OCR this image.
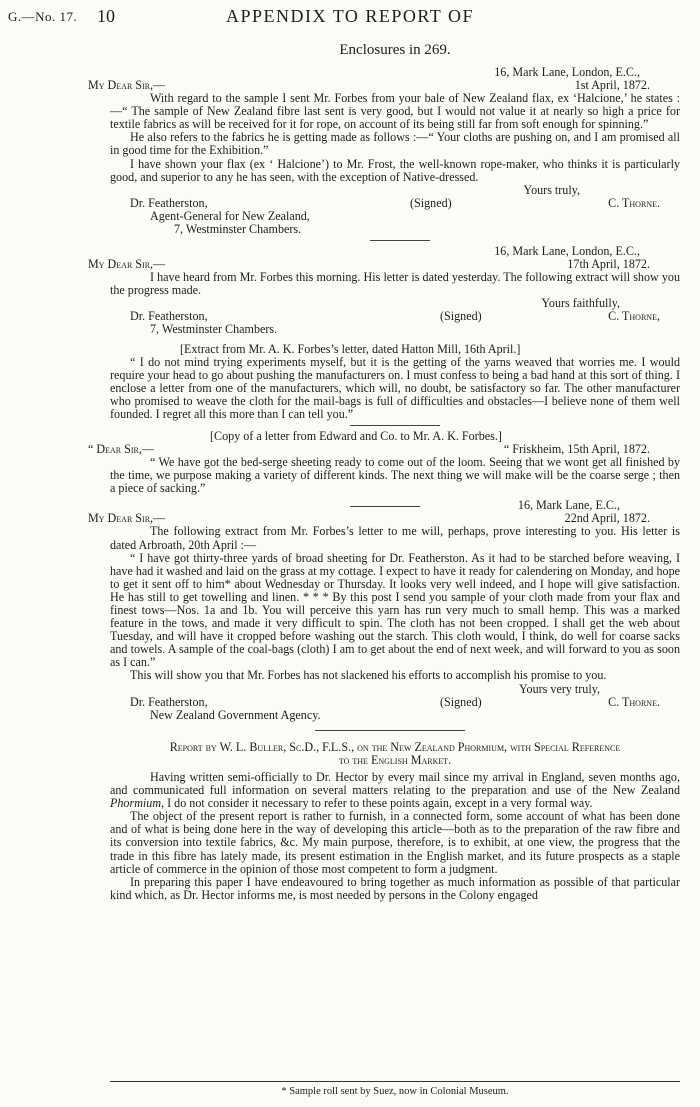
G.—No. 17. 10	APPENDIX TO REPORT OF
Enclosures in 269.

16, Mark Lane, London, E.C.,

My Dear Sir,—	1st April, 1872.

With regard to the sample I sent Mr. Forbes from your bale of New Zealand flax, ex ‘Halcione,’ he states :—“ The sample of New Zealand fibre last sent is very good, but I would not value it at nearly so high a price for textile fabrics as will be received for it for rope, on account of its being still far from soft enough for spinning.”

He also refers to the fabrics he is getting made as follows :—“ Your cloths are pushing on, and I am promised all in good time for the Exhibition.”

I have shown your flax (ex ‘ Halcione’) to Mr. Frost, the well-known rope-maker, who thinks it is particularly good, and superior to any he has seen, with the exception of Native-dressed.

Yours truly,

Dr. Featherston,	(Signed)	C. Thorne.

Agent-General for New Zealand,

7, Westminster Chambers.

16, Mark Lane, London, E.C.,

My Dear Sir,—	17th April, 1872.

I have heard from Mr. Forbes this morning. His letter is dated yesterday. The following extract will show you the progress made.

Yours faithfully,

Dr. Featherston,	(Signed)	C. Thorne,

7, Westminster Chambers.

[Extract from Mr. A. K. Forbes’s letter, dated Hatton Mill, 16th April.]

“ I do not mind trying experiments myself, but it is the getting of the yarns weaved that worries me. I would require your head to go about pushing the manufacturers on. I must confess to being a bad hand at this sort of thing. I enclose a letter from one of the manufacturers, which will, no doubt, be satisfactory so far. The other manufacturer who promised to weave the cloth for the mail-bags is full of difficulties and obstacles—I believe none of them well founded. I regret all this more than I can tell you.”

[Copy of a letter from Edward and Co. to Mr. A. K. Forbes.]

“ Dear Sir,—	“ Friskheim, 15th April, 1872.

“ We have got the bed-serge sheeting ready to come out of the loom. Seeing that we wont get all finished by the time, we purpose making a variety of different kinds. The next thing we will make will be the coarse serge ; then a piece of sacking.”

16, Mark Lane, E.C.,
My Dear Sir,—	22nd April, 1872.

The following extract from Mr. Forbes’s letter to me will, perhaps, prove interesting to you. His letter is dated Arbroath, 20th April :—

“ I have got thirty-three yards of broad sheeting for Dr. Featherston. As it had to be starched before weaving, I have had it washed and laid on the grass at my cottage. I expect to have it ready for calendering on Monday, and hope to get it sent off to him* about Wednesday or Thursday. It looks very well indeed, and I hope will give satisfaction. He has still to get towelling and linen. * * * By this post I send you sample of your cloth made from your flax and finest tows—Nos. 1a and 1b. You will perceive this yarn has run very much to small hemp. This was a marked feature in the tows, and made it very difficult to spin. The cloth has not been cropped. I shall get the web about Tuesday, and will have it cropped before washing out the starch. This cloth would, I think, do well for coarse sacks and towels. A sample of the coal-bags (cloth) I am to get about the end of next week, and will forward to you as soon as I can.”

This will show you that Mr. Forbes has not slackened his efforts to accomplish his promise to you.

Yours very truly,

Dr. Featherston,	(Signed)	C. Thorne.

New Zealand Government Agency.

Report by W. L. Buller, Sc.D., F.L.S., on the New Zealand Phormium, with Special Reference

to the English Market.

Having written semi-officially to Dr. Hector by every mail since my arrival in England, seven months ago, and communicated full information on several matters relating to the preparation and use of the New Zealand Phormium, I do not consider it necessary to refer to these points again, except in a very formal way.

The object of the present report is rather to furnish, in a connected form, some account of what has been done and of what is being done here in the way of developing this article—both as to the preparation of the raw fibre and its conversion into textile fabrics, &c. My main purpose, therefore, is to exhibit, at one view, the progress that the trade in this fibre has lately made, its present estimation in the English market, and its future prospects as a staple article of commerce in the opinion of those most competent to form a judgment.

In preparing this paper I have endeavoured to bring together as much information as possible of that particular kind which, as Dr. Hector informs me, is most needed by persons in the Colony engaged

* Sample roll sent by Suez, now in Colonial Museum.
